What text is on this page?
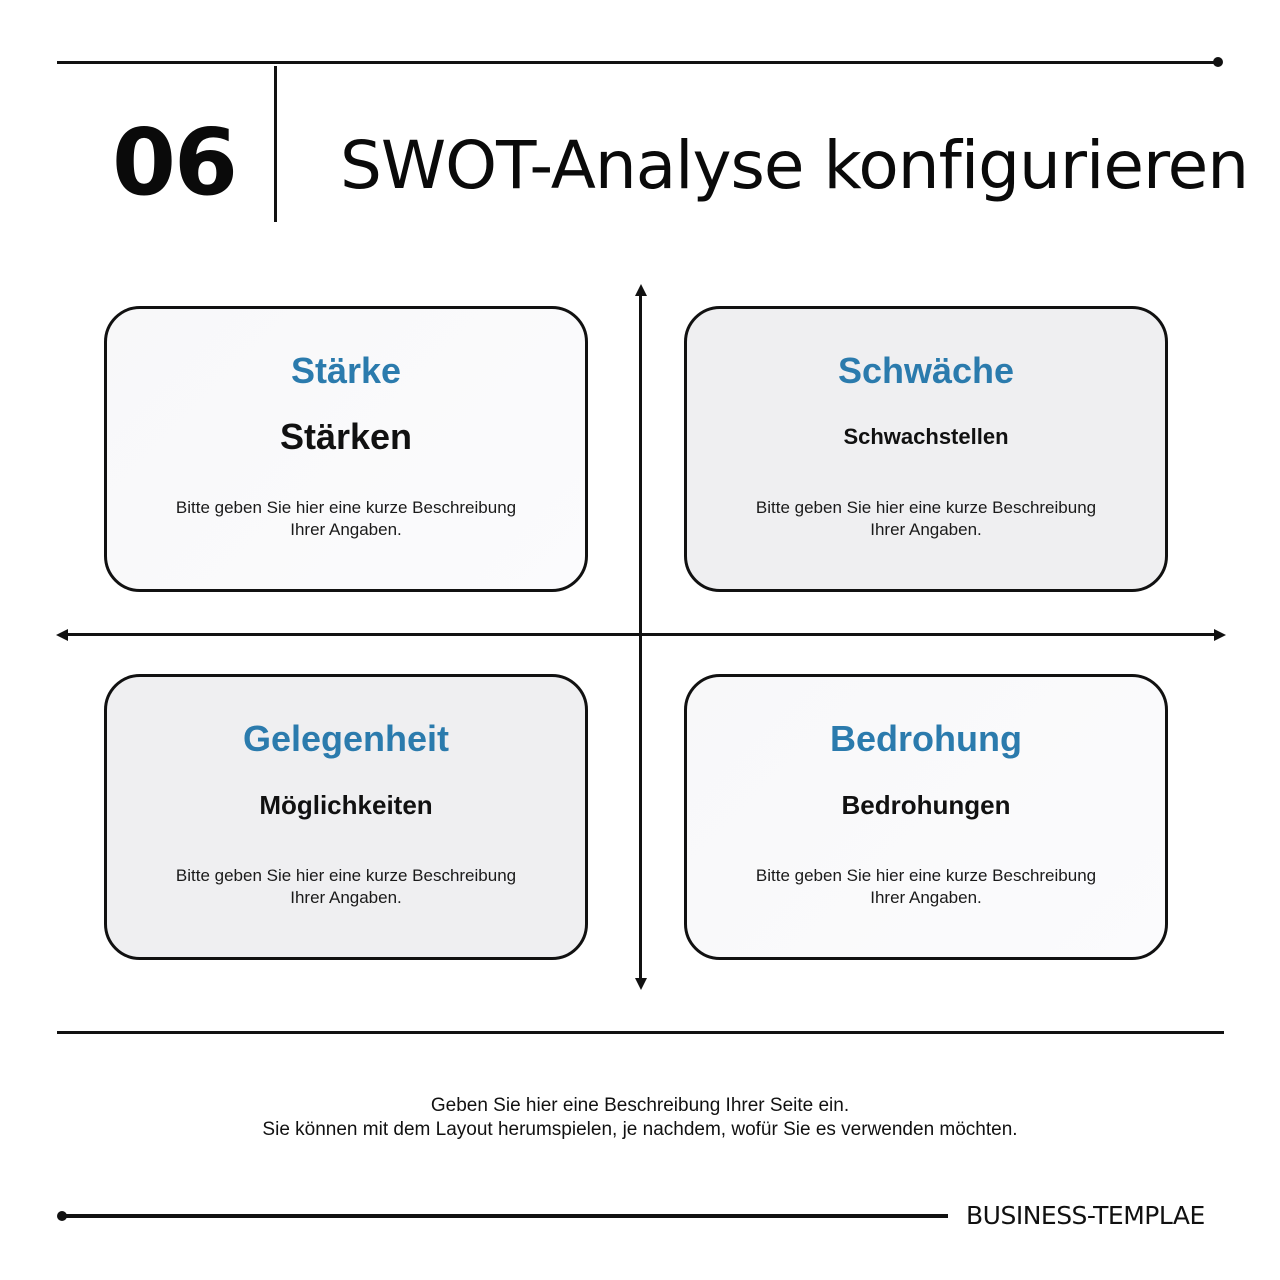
06 SWOT-Analyse konfigurieren
Stärke
Stärken
Bitte geben Sie hier eine kurze Beschreibung
Ihrer Angaben.
Schwäche
Schwachstellen
Bitte geben Sie hier eine kurze Beschreibung
Ihrer Angaben.
Gelegenheit
Möglichkeiten
Bitte geben Sie hier eine kurze Beschreibung
Ihrer Angaben.
Bedrohung
Bedrohungen
Bitte geben Sie hier eine kurze Beschreibung
Ihrer Angaben.
Geben Sie hier eine Beschreibung Ihrer Seite ein.
Sie können mit dem Layout herumspielen, je nachdem, wofür Sie es verwenden möchten.
BUSINESS-TEMPLAE
